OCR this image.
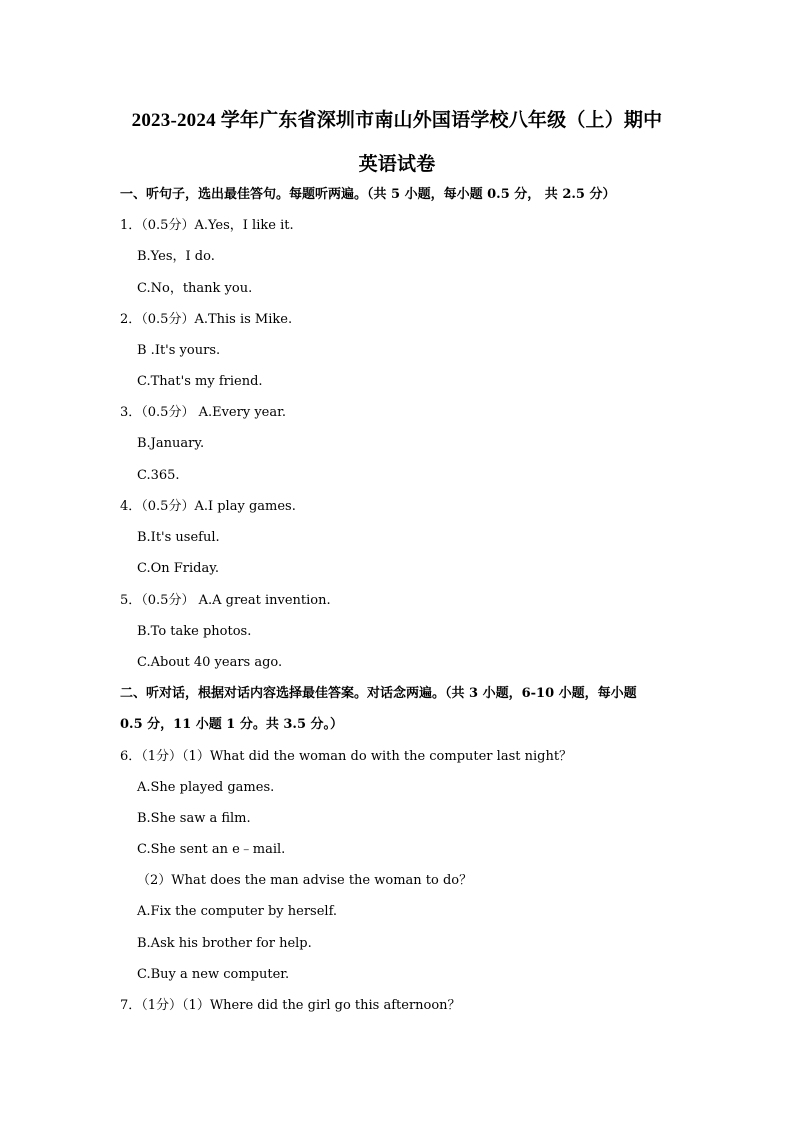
2023-2024 学年广东省深圳市南山外国语学校八年级（上）期中
英语试卷
一、听句子，选出最佳答句。每题听两遍。（共 5 小题，每小题 0.5 分， 共 2.5 分）
1．（0.5分）A.Yes，I like it.
B.Yes，I do.
C.No，thank you.
2．（0.5分）A.This is Mike.
B .It's yours.
C.That's my friend.
3．（0.5分） A.Every year.
B.January.
C.365.
4．（0.5分）A.I play games.
B.It's useful.
C.On Friday.
5．（0.5分） A.A great invention.
B.To take photos.
C.About 40 years ago.
二、听对话，根据对话内容选择最佳答案。对话念两遍。（共 3 小题，6-10 小题，每小题
0.5 分，11 小题 1 分。共 3.5 分。）
6．（1分）（1）What did the woman do with the computer last night？
A.She played games.
B.She saw a film.
C.She sent an e﹣mail.
（2）What does the man advise the woman to do？
A.Fix the computer by herself.
B.Ask his brother for help.
C.Buy a new computer.
7．（1分）（1）Where did the girl go this afternoon？
